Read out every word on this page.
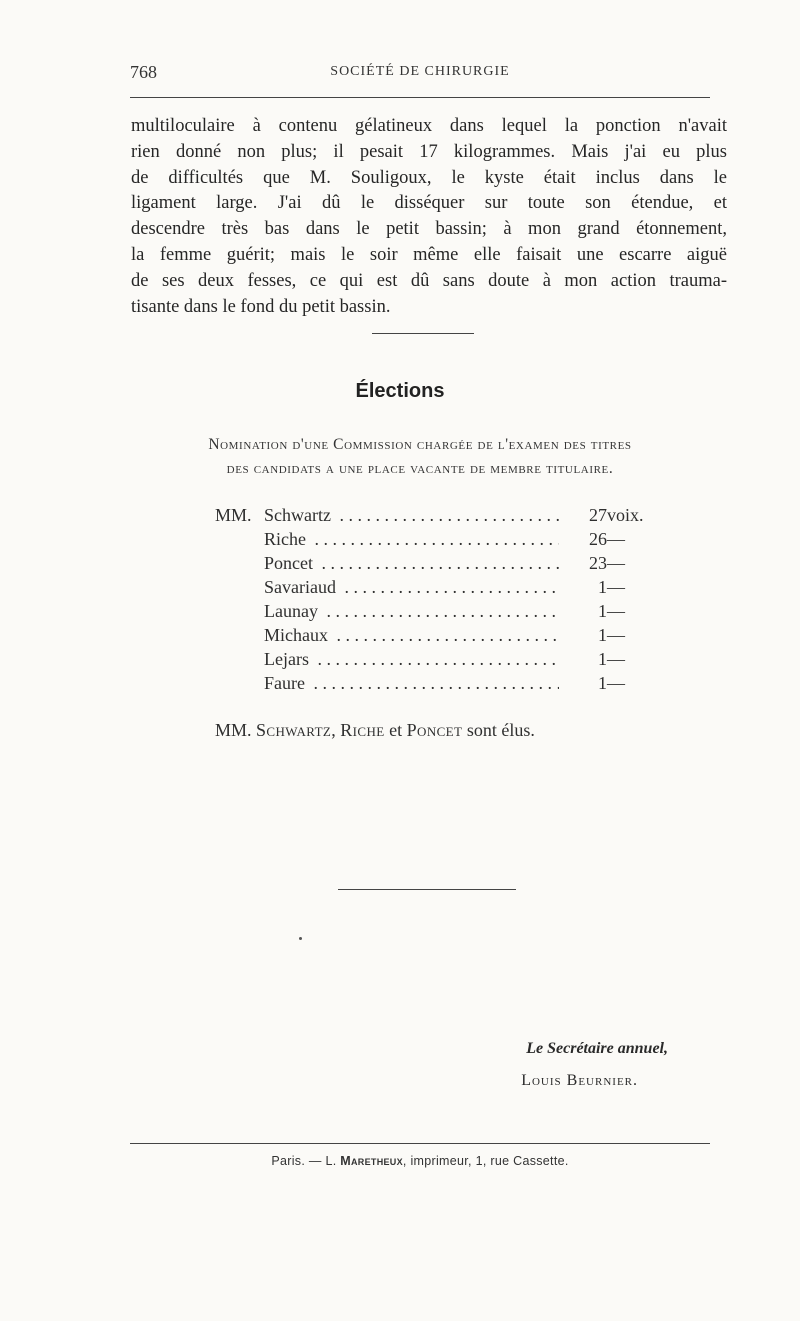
768	SOCIÉTÉ DE CHIRURGIE

multiloculaire à contenu gélatineux dans lequel la ponction n'avait
rien donné non plus; il pesait 17 kilogrammes. Mais j'ai eu plus
de difficultés que M. Souligoux, le kyste était inclus dans le
ligament large. J'ai dû le disséquer sur toute son étendue, et
descendre très bas dans le petit bassin; à mon grand étonnement,
la femme guérit; mais le soir même elle faisait une escarre aiguë
de ses deux fesses, ce qui est dû sans doute à mon action trauma-
tisante dans le fond du petit bassin.

Élections
Nomination d'une Commission chargée de l'examen des titres
des candidats a une place vacante de membre titulaire.
MM. Schwartz . . .	27 voix.
Riche . . .	26 —
Poncet . . .	23 —
Savariaud . . .	1 —
Launay . . .	1 —
Michaux . . .	1 —
Lejars . . .	1 —
Faure . . .	1 —
MM. Schwartz, Riche et Poncet sont élus.
Le Secrétaire annuel,
Louis Beurnier.
Paris. — L. Maretheux, imprimeur, 1, rue Cassette.
